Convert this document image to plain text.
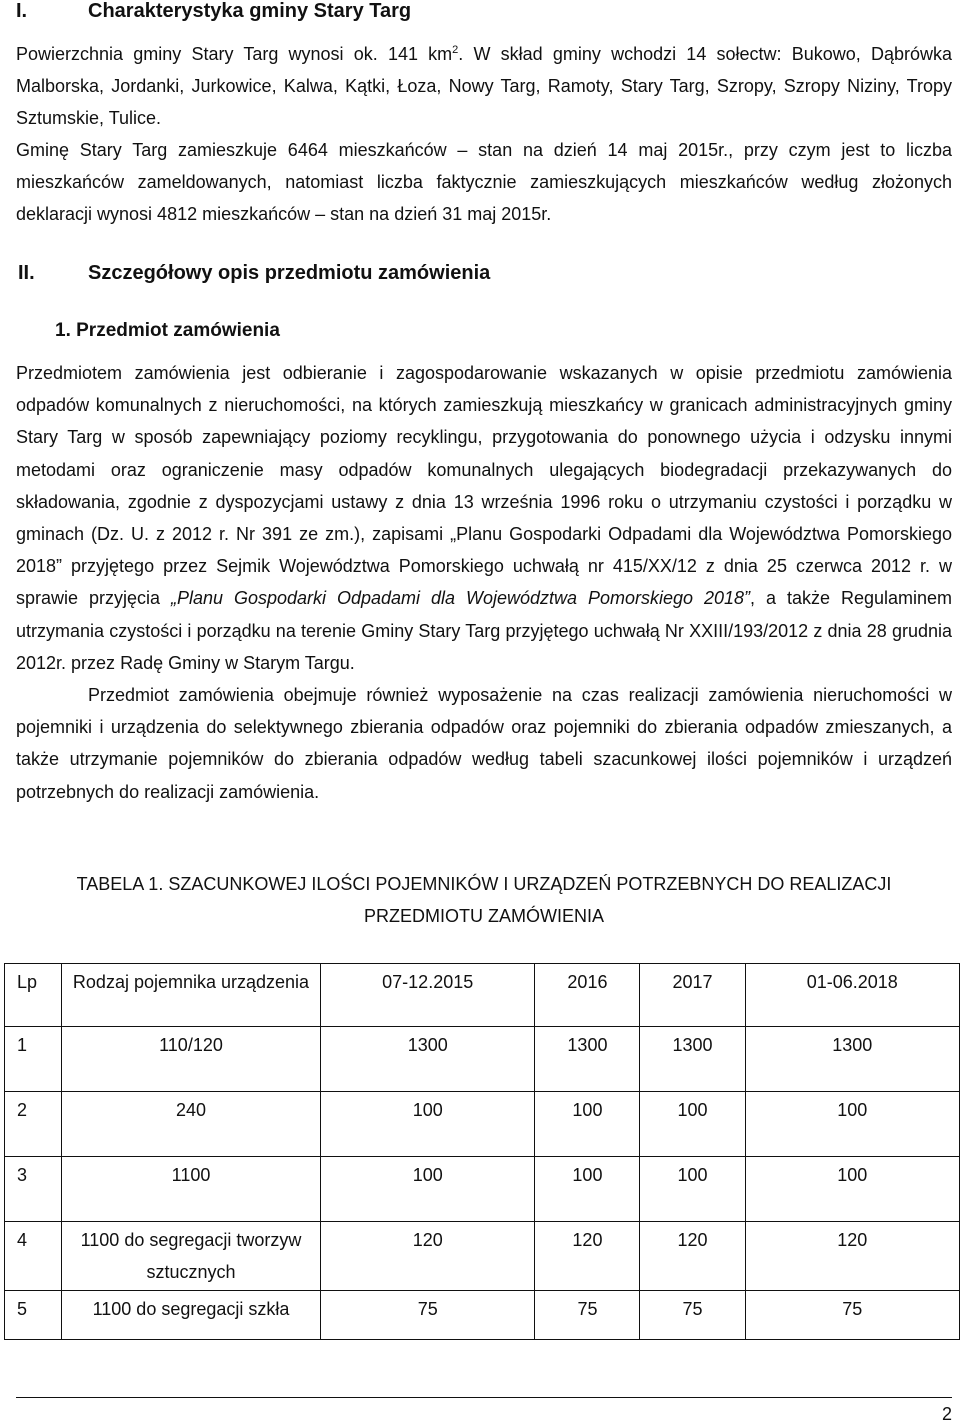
I.	Charakterystyka gminy Stary Targ
Powierzchnia gminy Stary Targ wynosi ok. 141 $km^2$. W skład gminy wchodzi 14 sołectw: Bukowo, Dąbrówka Malborska, Jordanki, Jurkowice, Kalwa, Kątki, Łoza, Nowy Targ, Ramoty, Stary Targ, Szropy, Szropy Niziny, Tropy Sztumskie, Tulice.
Gminę Stary Targ zamieszkuje 6464 mieszkańców – stan na dzień 14 maj 2015r., przy czym jest to liczba mieszkańców zameldowanych, natomiast liczba faktycznie zamieszkujących mieszkańców według złożonych deklaracji wynosi 4812 mieszkańców – stan na dzień 31 maj 2015r.
II.	Szczegółowy opis przedmiotu zamówienia
1. Przedmiot zamówienia

Przedmiotem zamówienia jest odbieranie i zagospodarowanie wskazanych w opisie przedmiotu zamówienia odpadów komunalnych z nieruchomości, na których zamieszkują mieszkańcy w granicach administracyjnych gminy Stary Targ w sposób zapewniający poziomy recyklingu, przygotowania do ponownego użycia i odzysku innymi metodami oraz ograniczenie masy odpadów komunalnych ulegających biodegradacji przekazywanych do składowania, zgodnie z dyspozycjami ustawy z dnia 13 września 1996 roku o utrzymaniu czystości i porządku w gminach (Dz. U. z 2012 r. Nr 391 ze zm.), zapisami „Planu Gospodarki Odpadami dla Województwa Pomorskiego 2018” przyjętego przez Sejmik Województwa Pomorskiego uchwałą nr 415/XX/12 z dnia 25 czerwca 2012 r. w sprawie przyjęcia „Planu Gospodarki Odpadami dla Województwa Pomorskiego 2018”, a także Regulaminem utrzymania czystości i porządku na terenie Gminy Stary Targ przyjętego uchwałą Nr XXIII/193/2012 z dnia 28 grudnia 2012r. przez Radę Gminy w Starym Targu.

Przedmiot zamówienia obejmuje również wyposażenie na czas realizacji zamówienia nieruchomości w pojemniki i urządzenia do selektywnego zbierania odpadów oraz pojemniki do zbierania odpadów zmieszanych, a także utrzymanie pojemników do zbierania odpadów według tabeli szacunkowej ilości pojemników i urządzeń potrzebnych do realizacji zamówienia.

TABELA 1. SZACUNKOWEJ ILOŚCI POJEMNIKÓW I URZĄDZEŃ POTRZEBNYCH DO REALIZACJI
PRZEDMIOTU ZAMÓWIENIA
Lp	Rodzaj pojemnika urządzenia	07-12.2015	2016	2017	01-06.2018
1	110/120	1300	1300	1300	1300
2	240	100	100	100	100
3	1100	100	100	100	100
4	1100 do segregacji tworzyw sztucznych	120	120	120	120
5	1100 do segregacji szkła	75	75	75	75
2
